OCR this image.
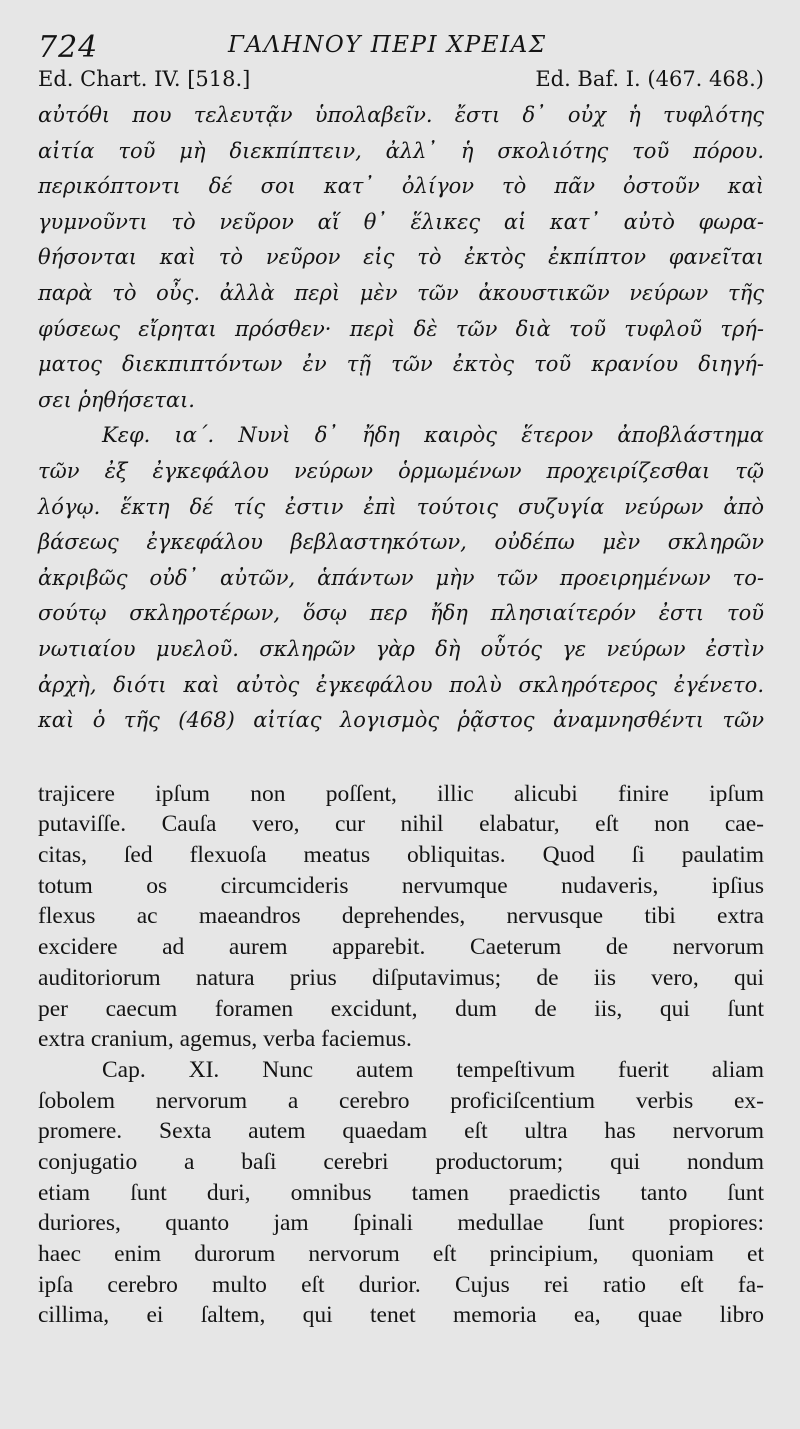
724	ΓΑΛΗΝΟΥ ΠΕΡΙ ΧΡΕΙΑΣ
Ed. Chart. IV. [518.]	Ed. Baf. I. (467. 468.)
αὐτόθι που τελευτᾷν ὑπολαβεῖν. ἔστι δ᾽ οὐχ ἡ τυφλότης
αἰτία τοῦ μὴ διεκπίπτειν, ἀλλ᾽ ἡ σκολιότης τοῦ πόρου.
περικόπτοντι δέ σοι κατ᾽ ὀλίγον τὸ πᾶν ὀστοῦν καὶ
γυμνοῦντι τὸ νεῦρον αἵ θ᾽ ἕλικες αἱ κατ᾽ αὐτὸ φωρα-
θήσονται καὶ τὸ νεῦρον εἰς τὸ ἐκτὸς ἐκπίπτον φανεῖται
παρὰ τὸ οὖς. ἀλλὰ περὶ μὲν τῶν ἀκουστικῶν νεύρων τῆς
φύσεως εἴρηται πρόσθεν· περὶ δὲ τῶν διὰ τοῦ τυφλοῦ τρή-
ματος διεκπιπτόντων ἐν τῇ τῶν ἐκτὸς τοῦ κρανίου διηγή-
σει ῥηθήσεται.
Κεφ. ια΄. Νυνὶ δ᾽ ἤδη καιρὸς ἕτερον ἀποβλάστημα
τῶν ἐξ ἐγκεφάλου νεύρων ὁρμωμένων προχειρίζεσθαι τῷ
λόγῳ. ἕκτη δέ τίς ἐστιν ἐπὶ τούτοις συζυγία νεύρων ἀπὸ
βάσεως ἐγκεφάλου βεβλαστηκότων, οὐδέπω μὲν σκληρῶν
ἀκριβῶς οὐδ᾽ αὐτῶν, ἁπάντων μὴν τῶν προειρημένων το-
σούτῳ σκληροτέρων, ὅσῳ περ ἤδη πλησιαίτερόν ἐστι τοῦ
νωτιαίου μυελοῦ. σκληρῶν γὰρ δὴ οὗτός γε νεύρων ἐστὶν
ἀρχὴ, διότι καὶ αὐτὸς ἐγκεφάλου πολὺ σκληρότερος ἐγένετο.
καὶ ὁ τῆς (468) αἰτίας λογισμὸς ῥᾷστος ἀναμνησθέντι τῶν
trajicere ipſum non poſſent, illic alicubi finire ipſum
putaviſſe. Cauſa vero, cur nihil elabatur, eſt non cae-
citas, ſed flexuoſa meatus obliquitas. Quod ſi paulatim
totum os circumcideris nervumque nudaveris, ipſius
flexus ac maeandros deprehendes, nervusque tibi extra
excidere ad aurem apparebit. Caeterum de nervorum
auditoriorum natura prius diſputavimus; de iis vero, qui
per caecum foramen excidunt, dum de iis, qui ſunt
extra cranium, agemus, verba faciemus.
Cap. XI. Nunc autem tempeſtivum fuerit aliam
ſobolem nervorum a cerebro proficiſcentium verbis ex-
promere. Sexta autem quaedam eſt ultra has nervorum
conjugatio a baſi cerebri productorum; qui nondum
etiam ſunt duri, omnibus tamen praedictis tanto ſunt
duriores, quanto jam ſpinali medullae ſunt propiores:
haec enim durorum nervorum eſt principium, quoniam et
ipſa cerebro multo eſt durior. Cujus rei ratio eſt fa-
cillima, ei ſaltem, qui tenet memoria ea, quae libro
